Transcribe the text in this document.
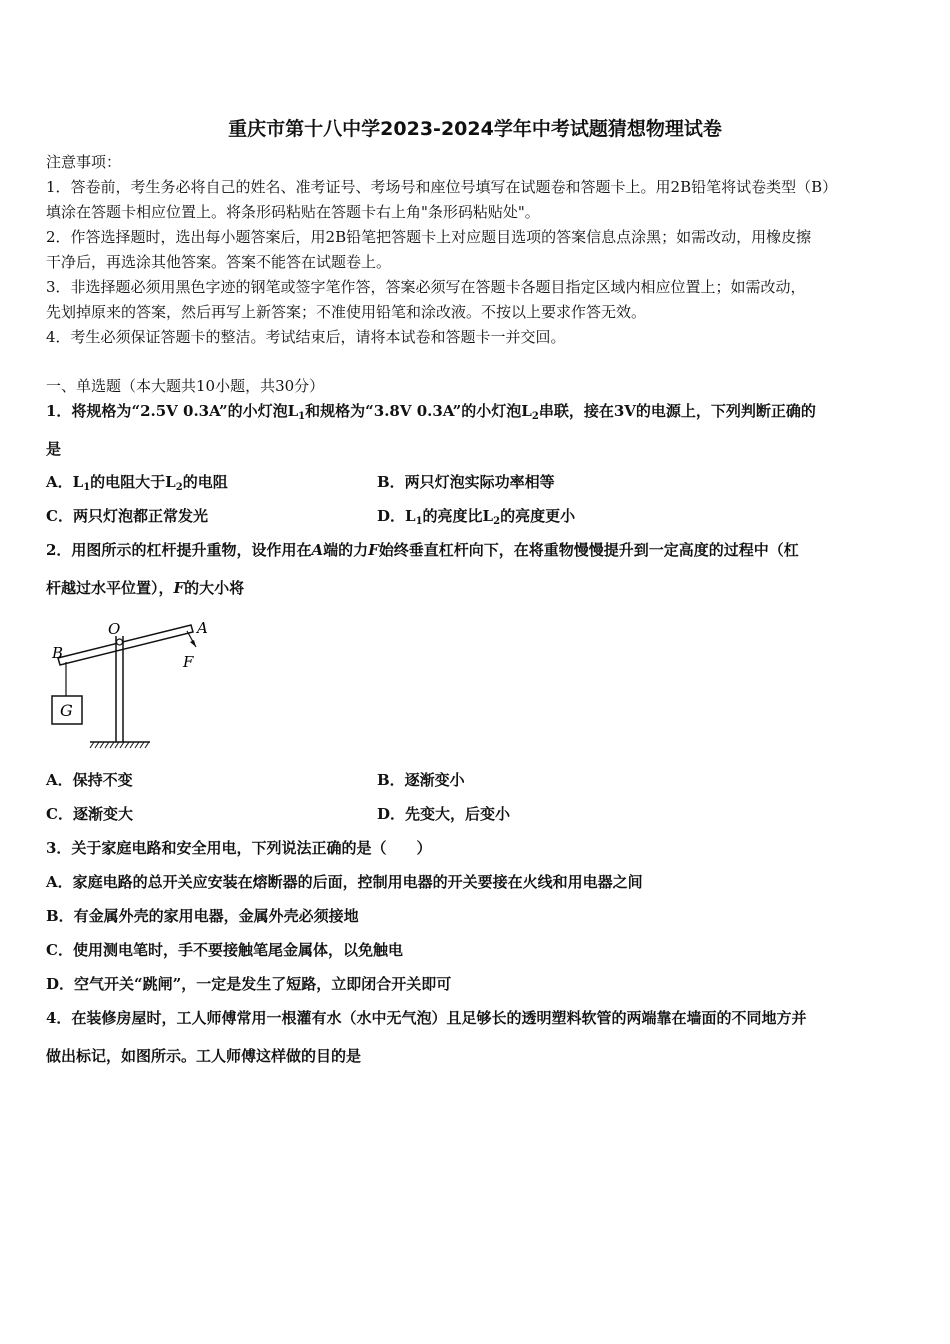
重庆市第十八中学2023-2024学年中考试题猜想物理试卷
注意事项：
1．答卷前，考生务必将自己的姓名、准考证号、考场号和座位号填写在试题卷和答题卡上。用2B铅笔将试卷类型（B）
填涂在答题卡相应位置上。将条形码粘贴在答题卡右上角"条形码粘贴处"。
2．作答选择题时，选出每小题答案后，用2B铅笔把答题卡上对应题目选项的答案信息点涂黑；如需改动，用橡皮擦
干净后，再选涂其他答案。答案不能答在试题卷上。
3．非选择题必须用黑色字迹的钢笔或签字笔作答，答案必须写在答题卡各题目指定区域内相应位置上；如需改动，
先划掉原来的答案，然后再写上新答案；不准使用铅笔和涂改液。不按以上要求作答无效。
4．考生必须保证答题卡的整洁。考试结束后，请将本试卷和答题卡一并交回。
一、单选题（本大题共10小题，共30分）
1．将规格为“2.5V 0.3A”的小灯泡$L_1$和规格为“3.8V 0.3A”的小灯泡$L_2$串联，接在3V的电源上，下列判断正确的
是
A．$L_1$的电阻大于$L_2$的电阻	B．两只灯泡实际功率相等
C．两只灯泡都正常发光	D．$L_1$的亮度比$L_2$的亮度更小
2．用图所示的杠杆提升重物，设作用在A端的力F始终垂直杠杆向下，在将重物慢慢提升到一定高度的过程中（杠
杆越过水平位置），F的大小将
O	A
B	F
G
A．保持不变	B．逐渐变小
C．逐渐变大	D．先变大，后变小
3．关于家庭电路和安全用电，下列说法正确的是（　　）
A．家庭电路的总开关应安装在熔断器的后面，控制用电器的开关要接在火线和用电器之间
B．有金属外壳的家用电器，金属外壳必须接地
C．使用测电笔时，手不要接触笔尾金属体，以免触电
D．空气开关“跳闸”，一定是发生了短路，立即闭合开关即可
4．在装修房屋时，工人师傅常用一根灌有水（水中无气泡）且足够长的透明塑料软管的两端靠在墙面的不同地方并
做出标记，如图所示。工人师傅这样做的目的是
